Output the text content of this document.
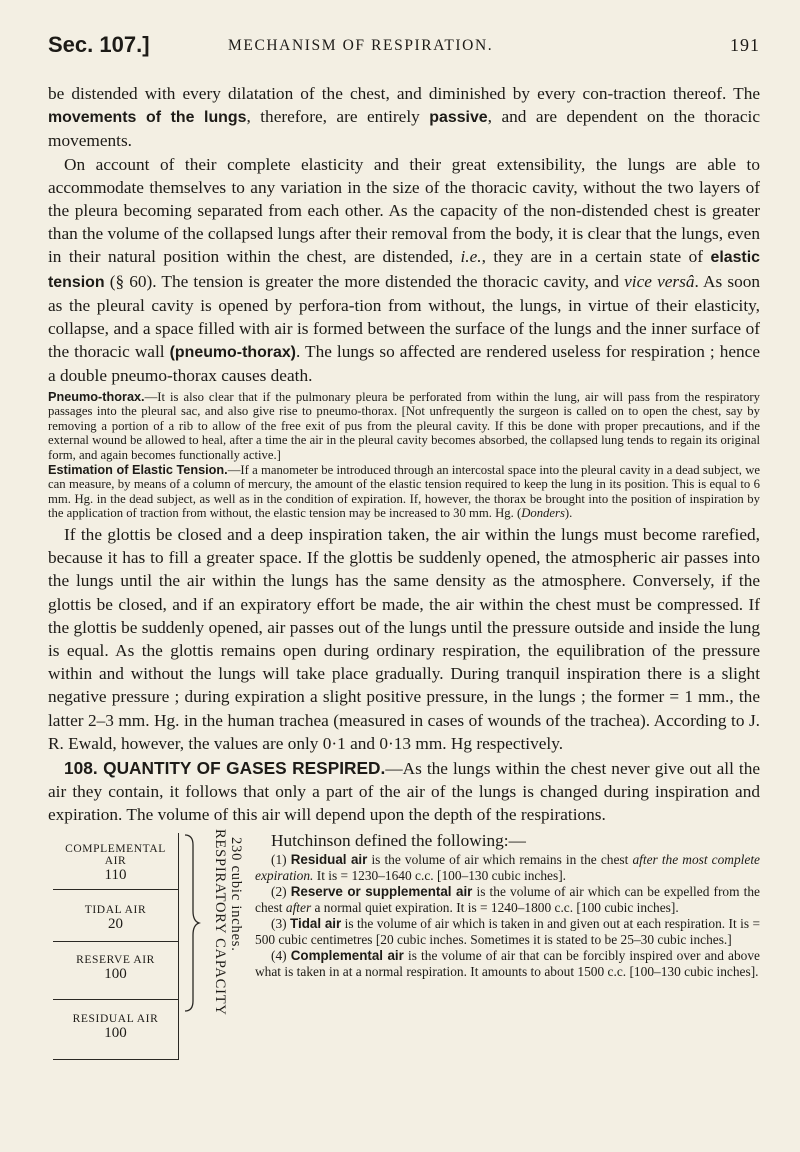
Sec. 107.]	MECHANISM OF RESPIRATION.	191

be distended with every dilatation of the chest, and diminished by every con-traction thereof. The movements of the lungs, therefore, are entirely passive, and are dependent on the thoracic movements.

On account of their complete elasticity and their great extensibility, the lungs are able to accommodate themselves to any variation in the size of the thoracic cavity, without the two layers of the pleura becoming separated from each other. As the capacity of the non-distended chest is greater than the volume of the collapsed lungs after their removal from the body, it is clear that the lungs, even in their natural position within the chest, are distended, i.e., they are in a certain state of elastic tension (§ 60). The tension is greater the more distended the thoracic cavity, and vice versâ. As soon as the pleural cavity is opened by perfora-tion from without, the lungs, in virtue of their elasticity, collapse, and a space filled with air is formed between the surface of the lungs and the inner surface of the thoracic wall (pneumo-thorax). The lungs so affected are rendered useless for respiration ; hence a double pneumo-thorax causes death.

Pneumo-thorax.—It is also clear that if the pulmonary pleura be perforated from within the lung, air will pass from the respiratory passages into the pleural sac, and also give rise to pneumo-thorax. [Not unfrequently the surgeon is called on to open the chest, say by removing a portion of a rib to allow of the free exit of pus from the pleural cavity. If this be done with proper precautions, and if the external wound be allowed to heal, after a time the air in the pleural cavity becomes absorbed, the collapsed lung tends to regain its original form, and again becomes functionally active.]

Estimation of Elastic Tension.—If a manometer be introduced through an intercostal space into the pleural cavity in a dead subject, we can measure, by means of a column of mercury, the amount of the elastic tension required to keep the lung in its position. This is equal to 6 mm. Hg. in the dead subject, as well as in the condition of expiration. If, however, the thorax be brought into the position of inspiration by the application of traction from without, the elastic tension may be increased to 30 mm. Hg. (Donders).

If the glottis be closed and a deep inspiration taken, the air within the lungs must become rarefied, because it has to fill a greater space. If the glottis be suddenly opened, the atmospheric air passes into the lungs until the air within the lungs has the same density as the atmosphere. Conversely, if the glottis be closed, and if an expiratory effort be made, the air within the chest must be compressed. If the glottis be suddenly opened, air passes out of the lungs until the pressure outside and inside the lung is equal. As the glottis remains open during ordinary respiration, the equilibration of the pressure within and without the lungs will take place gradually. During tranquil inspiration there is a slight negative pressure ; during expiration a slight positive pressure, in the lungs ; the former = 1 mm., the latter 2–3 mm. Hg. in the human trachea (measured in cases of wounds of the trachea). According to J. R. Ewald, however, the values are only 0·1 and 0·13 mm. Hg respectively.

108. QUANTITY OF GASES RESPIRED.—As the lungs within the chest never give out all the air they contain, it follows that only a part of the air of the lungs is changed during inspiration and expiration. The volume of this air will depend upon the depth of the respirations.

COMPLEMENTAL
AIR
110
TIDAL AIR
20
RESERVE AIR
100
RESIDUAL AIR
100
RESPIRATORY CAPACITY 230 cubic inches.	Hutchinson defined the following:—

(1) Residual air is the volume of air which remains in the chest after the most complete expiration. It is = 1230–1640 c.c. [100–130 cubic inches].

(2) Reserve or supplemental air is the volume of air which can be expelled from the chest after a normal quiet expiration. It is = 1240–1800 c.c. [100 cubic inches].

(3) Tidal air is the volume of air which is taken in and given out at each respiration. It is = 500 cubic centimetres [20 cubic inches. Sometimes it is stated to be 25–30 cubic inches.]

(4) Complemental air is the volume of air that can be forcibly inspired over and above what is taken in at a normal respiration. It amounts to about 1500 c.c. [100–130 cubic inches].
